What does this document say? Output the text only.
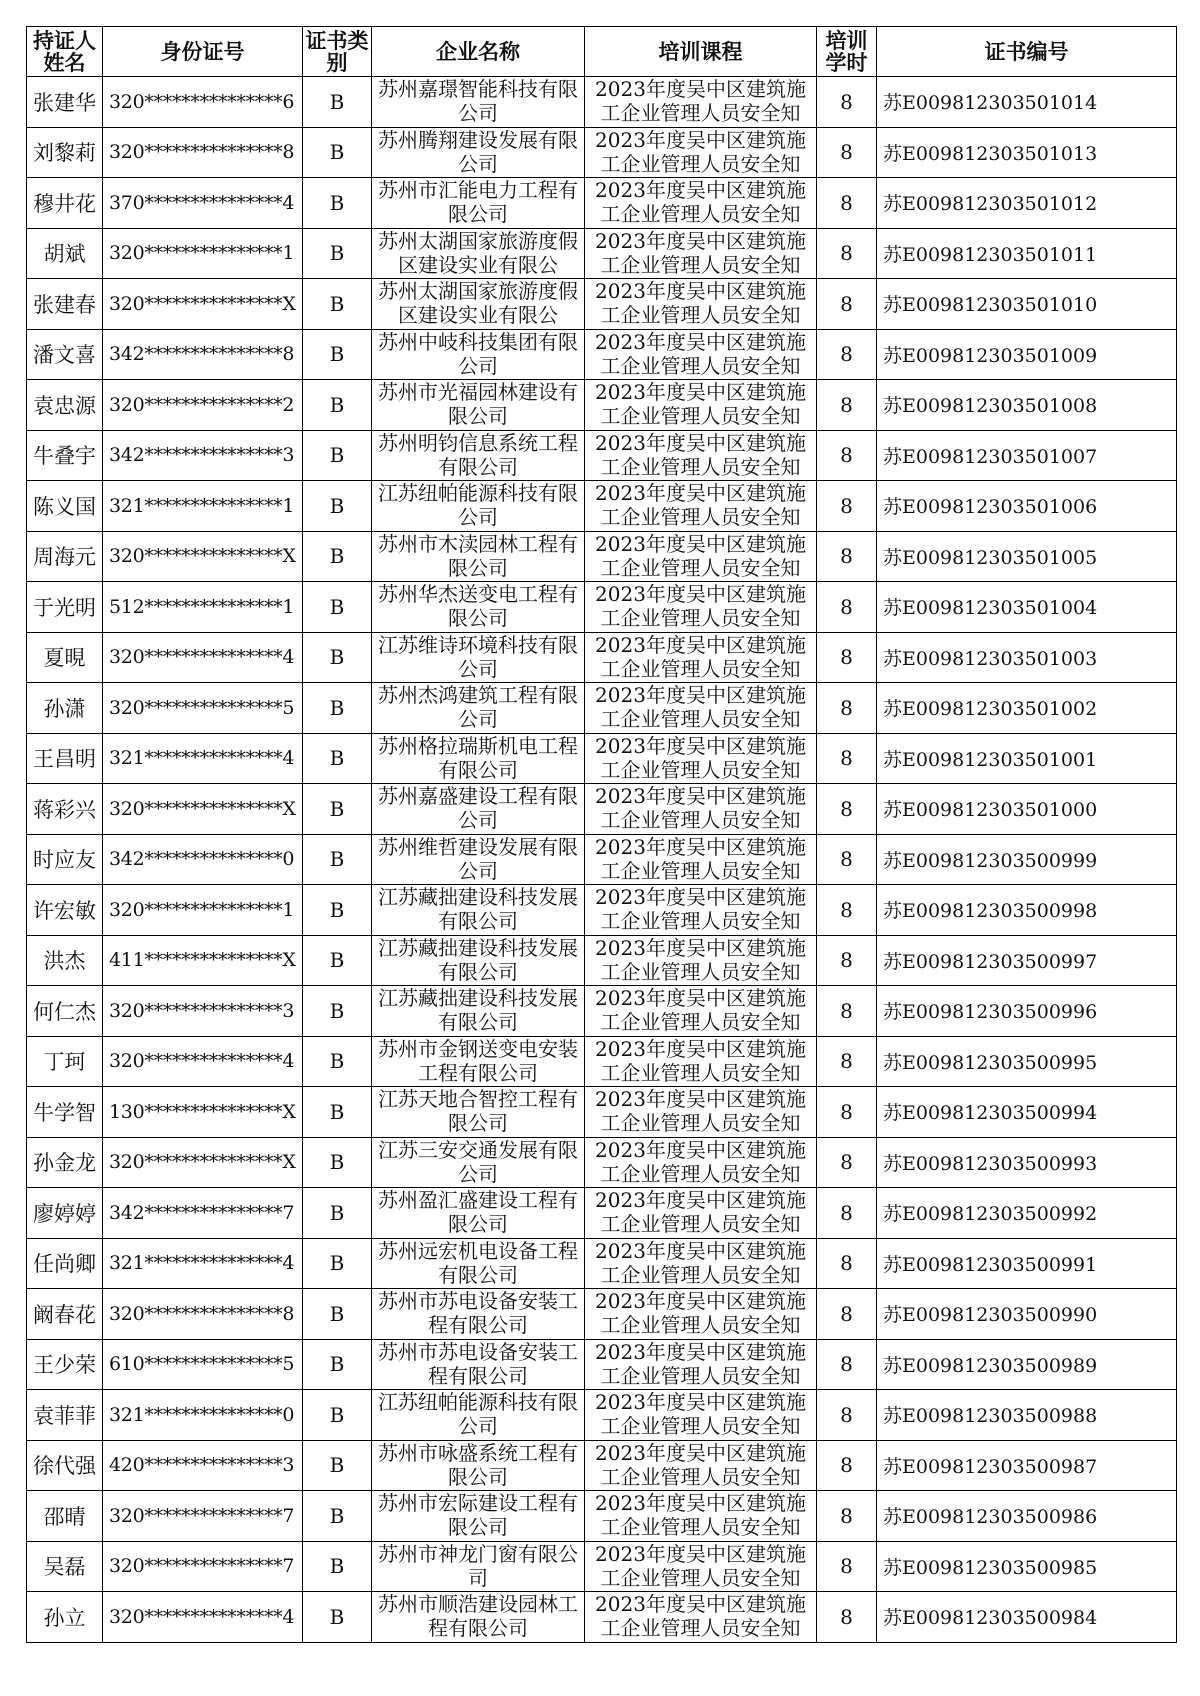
持证人姓名	身份证号	证书类别	企业名称	培训课程	培训学时	证书编号
张建华	320***************6	B	苏州嘉璟智能科技有限公司	2023年度吴中区建筑施工企业管理人员安全知	8	苏E009812303501014
刘黎莉	320***************8	B	苏州腾翔建设发展有限公司	2023年度吴中区建筑施工企业管理人员安全知	8	苏E009812303501013
穆井花	370***************4	B	苏州市汇能电力工程有限公司	2023年度吴中区建筑施工企业管理人员安全知	8	苏E009812303501012
胡斌	320***************1	B	苏州太湖国家旅游度假区建设实业有限公	2023年度吴中区建筑施工企业管理人员安全知	8	苏E009812303501011
张建春	320***************X	B	苏州太湖国家旅游度假区建设实业有限公	2023年度吴中区建筑施工企业管理人员安全知	8	苏E009812303501010
潘文喜	342***************8	B	苏州中岐科技集团有限公司	2023年度吴中区建筑施工企业管理人员安全知	8	苏E009812303501009
袁忠源	320***************2	B	苏州市光福园林建设有限公司	2023年度吴中区建筑施工企业管理人员安全知	8	苏E009812303501008
牛叠宇	342***************3	B	苏州明钧信息系统工程有限公司	2023年度吴中区建筑施工企业管理人员安全知	8	苏E009812303501007
陈义国	321***************1	B	江苏纽帕能源科技有限公司	2023年度吴中区建筑施工企业管理人员安全知	8	苏E009812303501006
周海元	320***************X	B	苏州市木渎园林工程有限公司	2023年度吴中区建筑施工企业管理人员安全知	8	苏E009812303501005
于光明	512***************1	B	苏州华杰送变电工程有限公司	2023年度吴中区建筑施工企业管理人员安全知	8	苏E009812303501004
夏晛	320***************4	B	江苏维诗环境科技有限公司	2023年度吴中区建筑施工企业管理人员安全知	8	苏E009812303501003
孙潇	320***************5	B	苏州杰鸿建筑工程有限公司	2023年度吴中区建筑施工企业管理人员安全知	8	苏E009812303501002
王昌明	321***************4	B	苏州格拉瑞斯机电工程有限公司	2023年度吴中区建筑施工企业管理人员安全知	8	苏E009812303501001
蒋彩兴	320***************X	B	苏州嘉盛建设工程有限公司	2023年度吴中区建筑施工企业管理人员安全知	8	苏E009812303501000
时应友	342***************0	B	苏州维哲建设发展有限公司	2023年度吴中区建筑施工企业管理人员安全知	8	苏E009812303500999
许宏敏	320***************1	B	江苏藏拙建设科技发展有限公司	2023年度吴中区建筑施工企业管理人员安全知	8	苏E009812303500998
洪杰	411***************X	B	江苏藏拙建设科技发展有限公司	2023年度吴中区建筑施工企业管理人员安全知	8	苏E009812303500997
何仁杰	320***************3	B	江苏藏拙建设科技发展有限公司	2023年度吴中区建筑施工企业管理人员安全知	8	苏E009812303500996
丁珂	320***************4	B	苏州市金钢送变电安装工程有限公司	2023年度吴中区建筑施工企业管理人员安全知	8	苏E009812303500995
牛学智	130***************X	B	江苏天地合智控工程有限公司	2023年度吴中区建筑施工企业管理人员安全知	8	苏E009812303500994
孙金龙	320***************X	B	江苏三安交通发展有限公司	2023年度吴中区建筑施工企业管理人员安全知	8	苏E009812303500993
廖婷婷	342***************7	B	苏州盈汇盛建设工程有限公司	2023年度吴中区建筑施工企业管理人员安全知	8	苏E009812303500992
任尚卿	321***************4	B	苏州远宏机电设备工程有限公司	2023年度吴中区建筑施工企业管理人员安全知	8	苏E009812303500991
阚春花	320***************8	B	苏州市苏电设备安装工程有限公司	2023年度吴中区建筑施工企业管理人员安全知	8	苏E009812303500990
王少荣	610***************5	B	苏州市苏电设备安装工程有限公司	2023年度吴中区建筑施工企业管理人员安全知	8	苏E009812303500989
袁菲菲	321***************0	B	江苏纽帕能源科技有限公司	2023年度吴中区建筑施工企业管理人员安全知	8	苏E009812303500988
徐代强	420***************3	B	苏州市咏盛系统工程有限公司	2023年度吴中区建筑施工企业管理人员安全知	8	苏E009812303500987
邵晴	320***************7	B	苏州市宏际建设工程有限公司	2023年度吴中区建筑施工企业管理人员安全知	8	苏E009812303500986
吴磊	320***************7	B	苏州市神龙门窗有限公司	2023年度吴中区建筑施工企业管理人员安全知	8	苏E009812303500985
孙立	320***************4	B	苏州市顺浩建设园林工程有限公司	2023年度吴中区建筑施工企业管理人员安全知	8	苏E009812303500984
